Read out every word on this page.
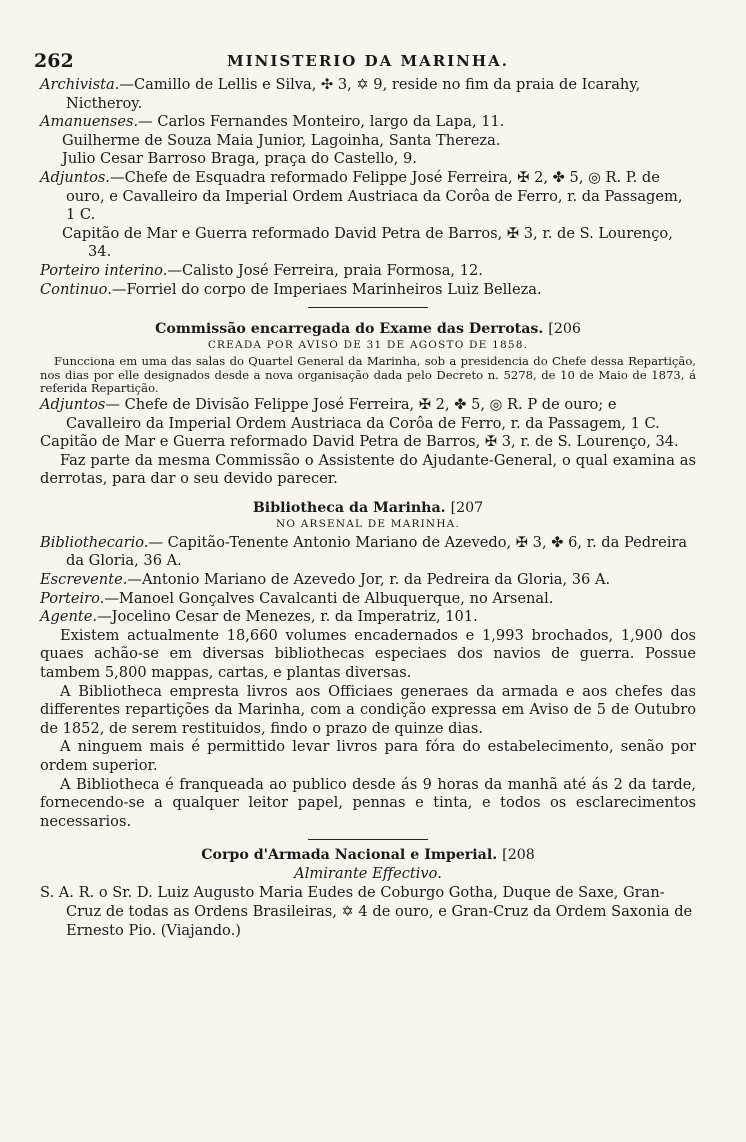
262	MINISTERIO DA MARINHA.

Archivista.—Camillo de Lellis e Silva, ✣ 3, ✡ 9, reside no fim da praia de Icarahy, Nictheroy.

Amanuenses.— Carlos Fernandes Monteiro, largo da Lapa, 11.

Guilherme de Souza Maia Junior, Lagoinha, Santa Thereza.

Julio Cesar Barroso Braga, praça do Castello, 9.

Adjuntos.—Chefe de Esquadra reformado Felippe José Ferreira, ✠ 2, ✤ 5, ◎ R. P. de ouro, e Cavalleiro da Imperial Ordem Austriaca da Corôa de Ferro, r. da Passagem, 1 C.

Capitão de Mar e Guerra reformado David Petra de Barros, ✠ 3, r. de S. Lourenço, 34.

Porteiro interino.—Calisto José Ferreira, praia Formosa, 12.

Continuo.—Forriel do corpo de Imperiaes Marinheiros Luiz Belleza.

Commissão encarregada do Exame das Derrotas. [206

CREADA POR AVISO DE 31 DE AGOSTO DE 1858.

Funcciona em uma das salas do Quartel General da Marinha, sob a presidencia do Chefe dessa Repartição, nos dias por elle designados desde a nova organisação dada pelo Decreto n. 5278, de 10 de Maio de 1873, á referida Repartição.

Adjuntos— Chefe de Divisão Felippe José Ferreira, ✠ 2, ✤ 5, ◎ R. P de ouro; e Cavalleiro da Imperial Ordem Austriaca da Corôa de Ferro, r. da Passagem, 1 C.

Capitão de Mar e Guerra reformado David Petra de Barros, ✠ 3, r. de S. Lourenço, 34.

Faz parte da mesma Commissão o Assistente do Ajudante-General, o qual examina as derrotas, para dar o seu devido parecer.

Bibliotheca da Marinha. [207

NO ARSENAL DE MARINHA.

Bibliothecario.— Capitão-Tenente Antonio Mariano de Azevedo, ✠ 3, ✤ 6, r. da Pedreira da Gloria, 36 A.

Escrevente.—Antonio Mariano de Azevedo Jor, r. da Pedreira da Gloria, 36 A.

Porteiro.—Manoel Gonçalves Cavalcanti de Albuquerque, no Arsenal.

Agente.—Jocelino Cesar de Menezes, r. da Imperatriz, 101.

Existem actualmente 18,660 volumes encadernados e 1,993 brochados, 1,900 dos quaes achão-se em diversas bibliothecas especiaes dos navios de guerra. Possue tambem 5,800 mappas, cartas, e plantas diversas.

A Bibliotheca empresta livros aos Officiaes generaes da armada e aos chefes das differentes repartições da Marinha, com a condição expressa em Aviso de 5 de Outubro de 1852, de serem restituidos, findo o prazo de quinze dias.

A ninguem mais é permittido levar livros para fóra do estabelecimento, senão por ordem superior.

A Bibliotheca é franqueada ao publico desde ás 9 horas da manhã até ás 2 da tarde, fornecendo-se a qualquer leitor papel, pennas e tinta, e todos os esclarecimentos necessarios.

Corpo d'Armada Nacional e Imperial. [208

Almirante Effectivo.

S. A. R. o Sr. D. Luiz Augusto Maria Eudes de Coburgo Gotha, Duque de Saxe, Gran-Cruz de todas as Ordens Brasileiras, ✡ 4 de ouro, e Gran-Cruz da Ordem Saxonia de Ernesto Pio. (Viajando.)
